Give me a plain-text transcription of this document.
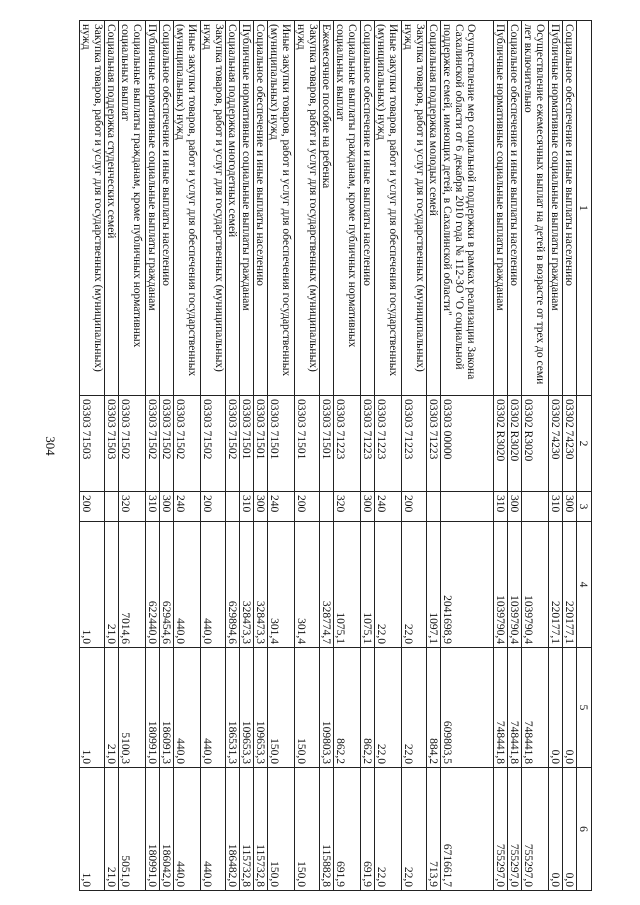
304
1	2	3	4	5	6
Социальное обеспечение и иные выплаты населению	03302 74230	300	220177,1	0,0	0,0
Публичные нормативные социальные выплаты гражданам	03302 74230	310	220177,1	0,0	0,0
Осуществление ежемесячных выплат на детей в возрасте от трех до семи лет включительно	03302 R3020		1039790,4	748441,8	755297,0
Социальное обеспечение и иные выплаты населению	03302 R3020	300	1039790,4	748441,8	755297,0
Публичные нормативные социальные выплаты гражданам	03302 R3020	310	1039790,4	748441,8	755297,0
Осуществление мер социальной поддержки в рамках реализации Закона Сахалинской области от 6 декабря 2010 года № 112-ЗО "О социальной поддержке семей, имеющих детей, в Сахалинской области"	03303 00000		2041698,9	609803,5	671661,7
Социальная поддержка молодых семей	03303 71223		1097,1	884,2	713,9
Закупка товаров, работ и услуг для государственных (муниципальных) нужд	03303 71223	200	22,0	22,0	22,0
Иные закупки товаров, работ и услуг для обеспечения государственных (муниципальных) нужд	03303 71223	240	22,0	22,0	22,0
Социальное обеспечение и иные выплаты населению	03303 71223	300	1075,1	862,2	691,9
Социальные выплаты гражданам, кроме публичных нормативных социальных выплат	03303 71223	320	1075,1	862,2	691,9
Ежемесячное пособие на ребенка	03303 71501		328774,7	109803,3	115882,8
Закупка товаров, работ и услуг для государственных (муниципальных) нужд	03303 71501	200	301,4	150,0	150,0
Иные закупки товаров, работ и услуг для обеспечения государственных (муниципальных) нужд	03303 71501	240	301,4	150,0	150,0
Социальное обеспечение и иные выплаты населению	03303 71501	300	328473,3	109653,3	115732,8
Публичные нормативные социальные выплаты гражданам	03303 71501	310	328473,3	109653,3	115732,8
Социальная поддержка многодетных семей	03303 71502		629894,6	186531,3	186482,0
Закупка товаров, работ и услуг для государственных (муниципальных) нужд	03303 71502	200	440,0	440,0	440,0
Иные закупки товаров, работ и услуг для обеспечения государственных (муниципальных) нужд	03303 71502	240	440,0	440,0	440,0
Социальное обеспечение и иные выплаты населению	03303 71502	300	629454,6	186091,3	186042,0
Публичные нормативные социальные выплаты гражданам	03303 71502	310	622440,0	180991,0	180991,0
Социальные выплаты гражданам, кроме публичных нормативных социальных выплат	03303 71502	320	7014,6	5100,3	5051,0
Социальная поддержка студенческих семей	03303 71503		21,0	21,0	21,0
Закупка товаров, работ и услуг для государственных (муниципальных) нужд	03303 71503	200	1,0	1,0	1,0
